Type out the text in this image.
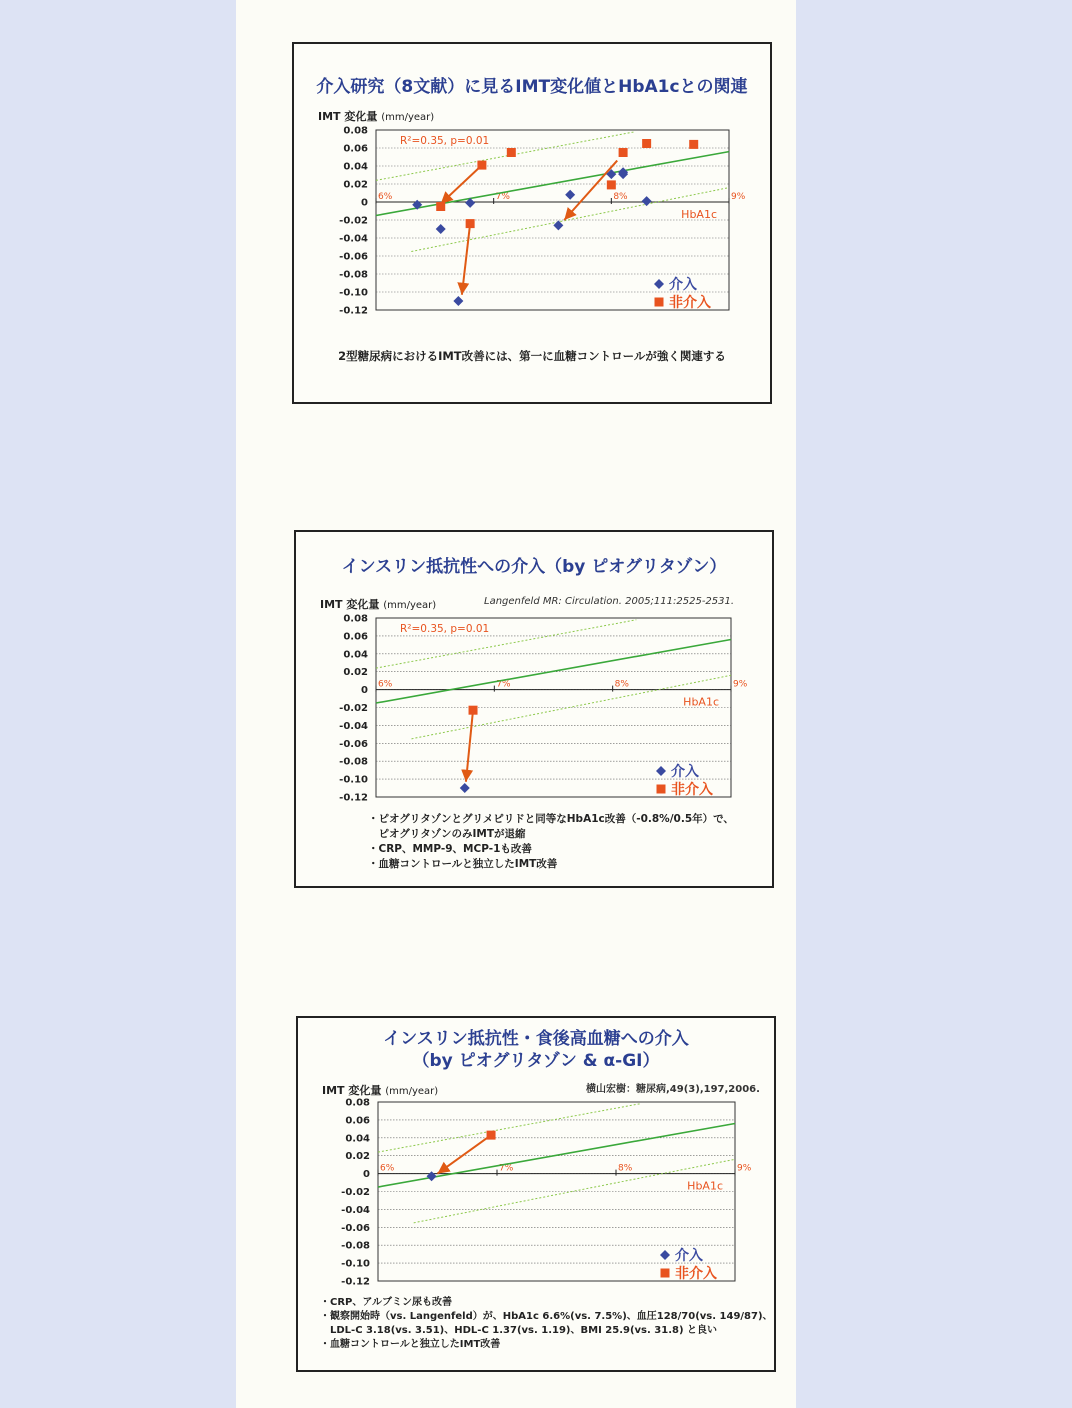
介入研究（8文献）に見るIMT変化値とHbA1cとの関連
IMT 変化量 (mm/year)
0.08
0.06
0.04
0.02
0
-0.02
-0.04
-0.06
-0.08
-0.10
-0.12
6%	7%	8%	9%
HbA1c
R²=0.35, p=0.01
介入
非介入
2型糖尿病におけるIMT改善には、第一に血糖コントロールが強く関連する
インスリン抵抗性への介入（by ピオグリタゾン）
IMT 変化量 (mm/year)	Langenfeld MR: Circulation. 2005;111:2525-2531.
0.08
0.06
0.04
0.02
0
-0.02
-0.04
-0.06
-0.08
-0.10
-0.12
6%	7%	8%	9%
HbA1c
R²=0.35, p=0.01
介入
非介入
・ピオグリタゾンとグリメピリドと同等なHbA1c改善（-0.8%/0.5年）で、
　ピオグリタゾンのみIMTが退縮
・CRP、MMP-9、MCP-1も改善
・血糖コントロールと独立したIMT改善
インスリン抵抗性・食後高血糖への介入
（by ピオグリタゾン & α-GI）
IMT 変化量 (mm/year)	横山宏樹：糖尿病,49(3),197,2006.
0.08
0.06
0.04
0.02
0
-0.02
-0.04
-0.06
-0.08
-0.10
-0.12
6%	7%	8%	9%
HbA1c
介入
非介入
・CRP、アルブミン尿も改善
・観察開始時（vs. Langenfeld）が、HbA1c 6.6%(vs. 7.5%)、血圧128/70(vs. 149/87)、
　LDL-C 3.18(vs. 3.51)、HDL-C 1.37(vs. 1.19)、BMI 25.9(vs. 31.8) と良い
・血糖コントロールと独立したIMT改善
